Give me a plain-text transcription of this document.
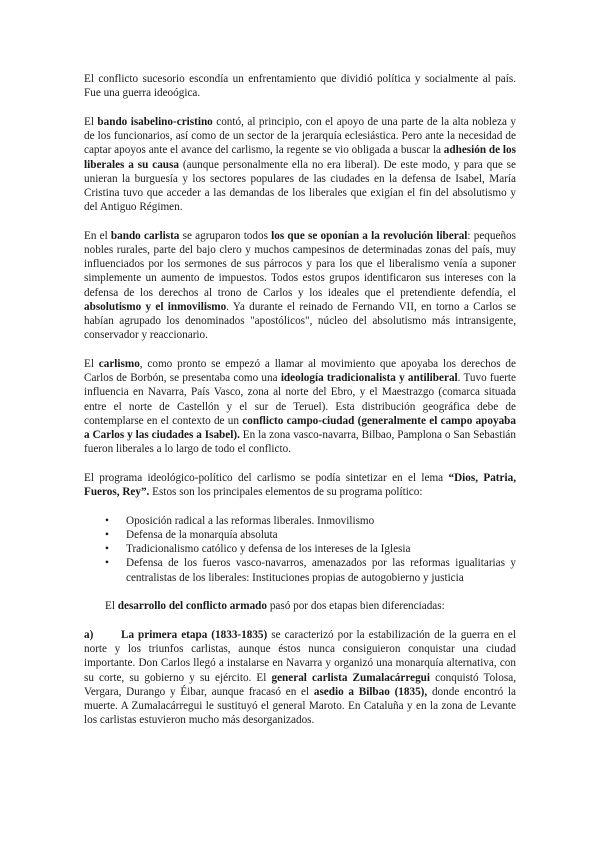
El conflicto sucesorio escondía un enfrentamiento que dividió política y socialmente al país. Fue una guerra ideoógica.

El bando isabelino-cristino contó, al principio, con el apoyo de una parte de la alta nobleza y de los funcionarios, así como de un sector de la jerarquía eclesiástica. Pero ante la necesidad de captar apoyos ante el avance del carlismo, la regente se vio obligada a buscar la adhesión de los liberales a su causa (aunque personalmente ella no era liberal). De este modo, y para que se unieran la burguesía y los sectores populares de las ciudades en la defensa de Isabel, María Cristina tuvo que acceder a las demandas de los liberales que exigían el fin del absolutismo y del Antiguo Régimen.

En el bando carlista se agruparon todos los que se oponían a la revolución liberal: pequeños nobles rurales, parte del bajo clero y muchos campesinos de determinadas zonas del país, muy influenciados por los sermones de sus párrocos y para los que el liberalismo venía a suponer simplemente un aumento de impuestos. Todos estos grupos identificaron sus intereses con la defensa de los derechos al trono de Carlos y los ideales que el pretendiente defendía, el absolutismo y el inmovilismo. Ya durante el reinado de Fernando VII, en torno a Carlos se habían agrupado los denominados "apostólicos", núcleo del absolutismo más intransigente, conservador y reaccionario.

El carlismo, como pronto se empezó a llamar al movimiento que apoyaba los derechos de Carlos de Borbón, se presentaba como una ideología tradicionalista y antiliberal. Tuvo fuerte influencia en Navarra, País Vasco, zona al norte del Ebro, y el Maestrazgo (comarca situada entre el norte de Castellón y el sur de Teruel). Esta distribución geográfica debe de contemplarse en el contexto de un conflicto campo-ciudad (generalmente el campo apoyaba a Carlos y las ciudades a Isabel). En la zona vasco-navarra, Bilbao, Pamplona o San Sebastián fueron liberales a lo largo de todo el conflicto.

El programa ideológico-político del carlismo se podía sintetizar en el lema “Dios, Patria, Fueros, Rey”. Estos son los principales elementos de su programa político:

• Oposición radical a las reformas liberales. Inmovilismo
• Defensa de la monarquía absoluta
• Tradicionalismo católico y defensa de los intereses de la Iglesia
• Defensa de los fueros vasco-navarros, amenazados por las reformas igualitarias y centralistas de los liberales: Instituciones propias de autogobierno y justicia

El desarrollo del conflicto armado pasó por dos etapas bien diferenciadas:

a) La primera etapa (1833-1835) se caracterizó por la estabilización de la guerra en el norte y los triunfos carlistas, aunque éstos nunca consiguieron conquistar una ciudad importante. Don Carlos llegó a instalarse en Navarra y organizó una monarquía alternativa, con su corte, su gobierno y su ejército. El general carlista Zumalacárregui conquistó Tolosa, Vergara, Durango y Éibar, aunque fracasó en el asedio a Bilbao (1835), donde encontró la muerte. A Zumalacárregui le sustituyó el general Maroto. En Cataluña y en la zona de Levante los carlistas estuvieron mucho más desorganizados.
